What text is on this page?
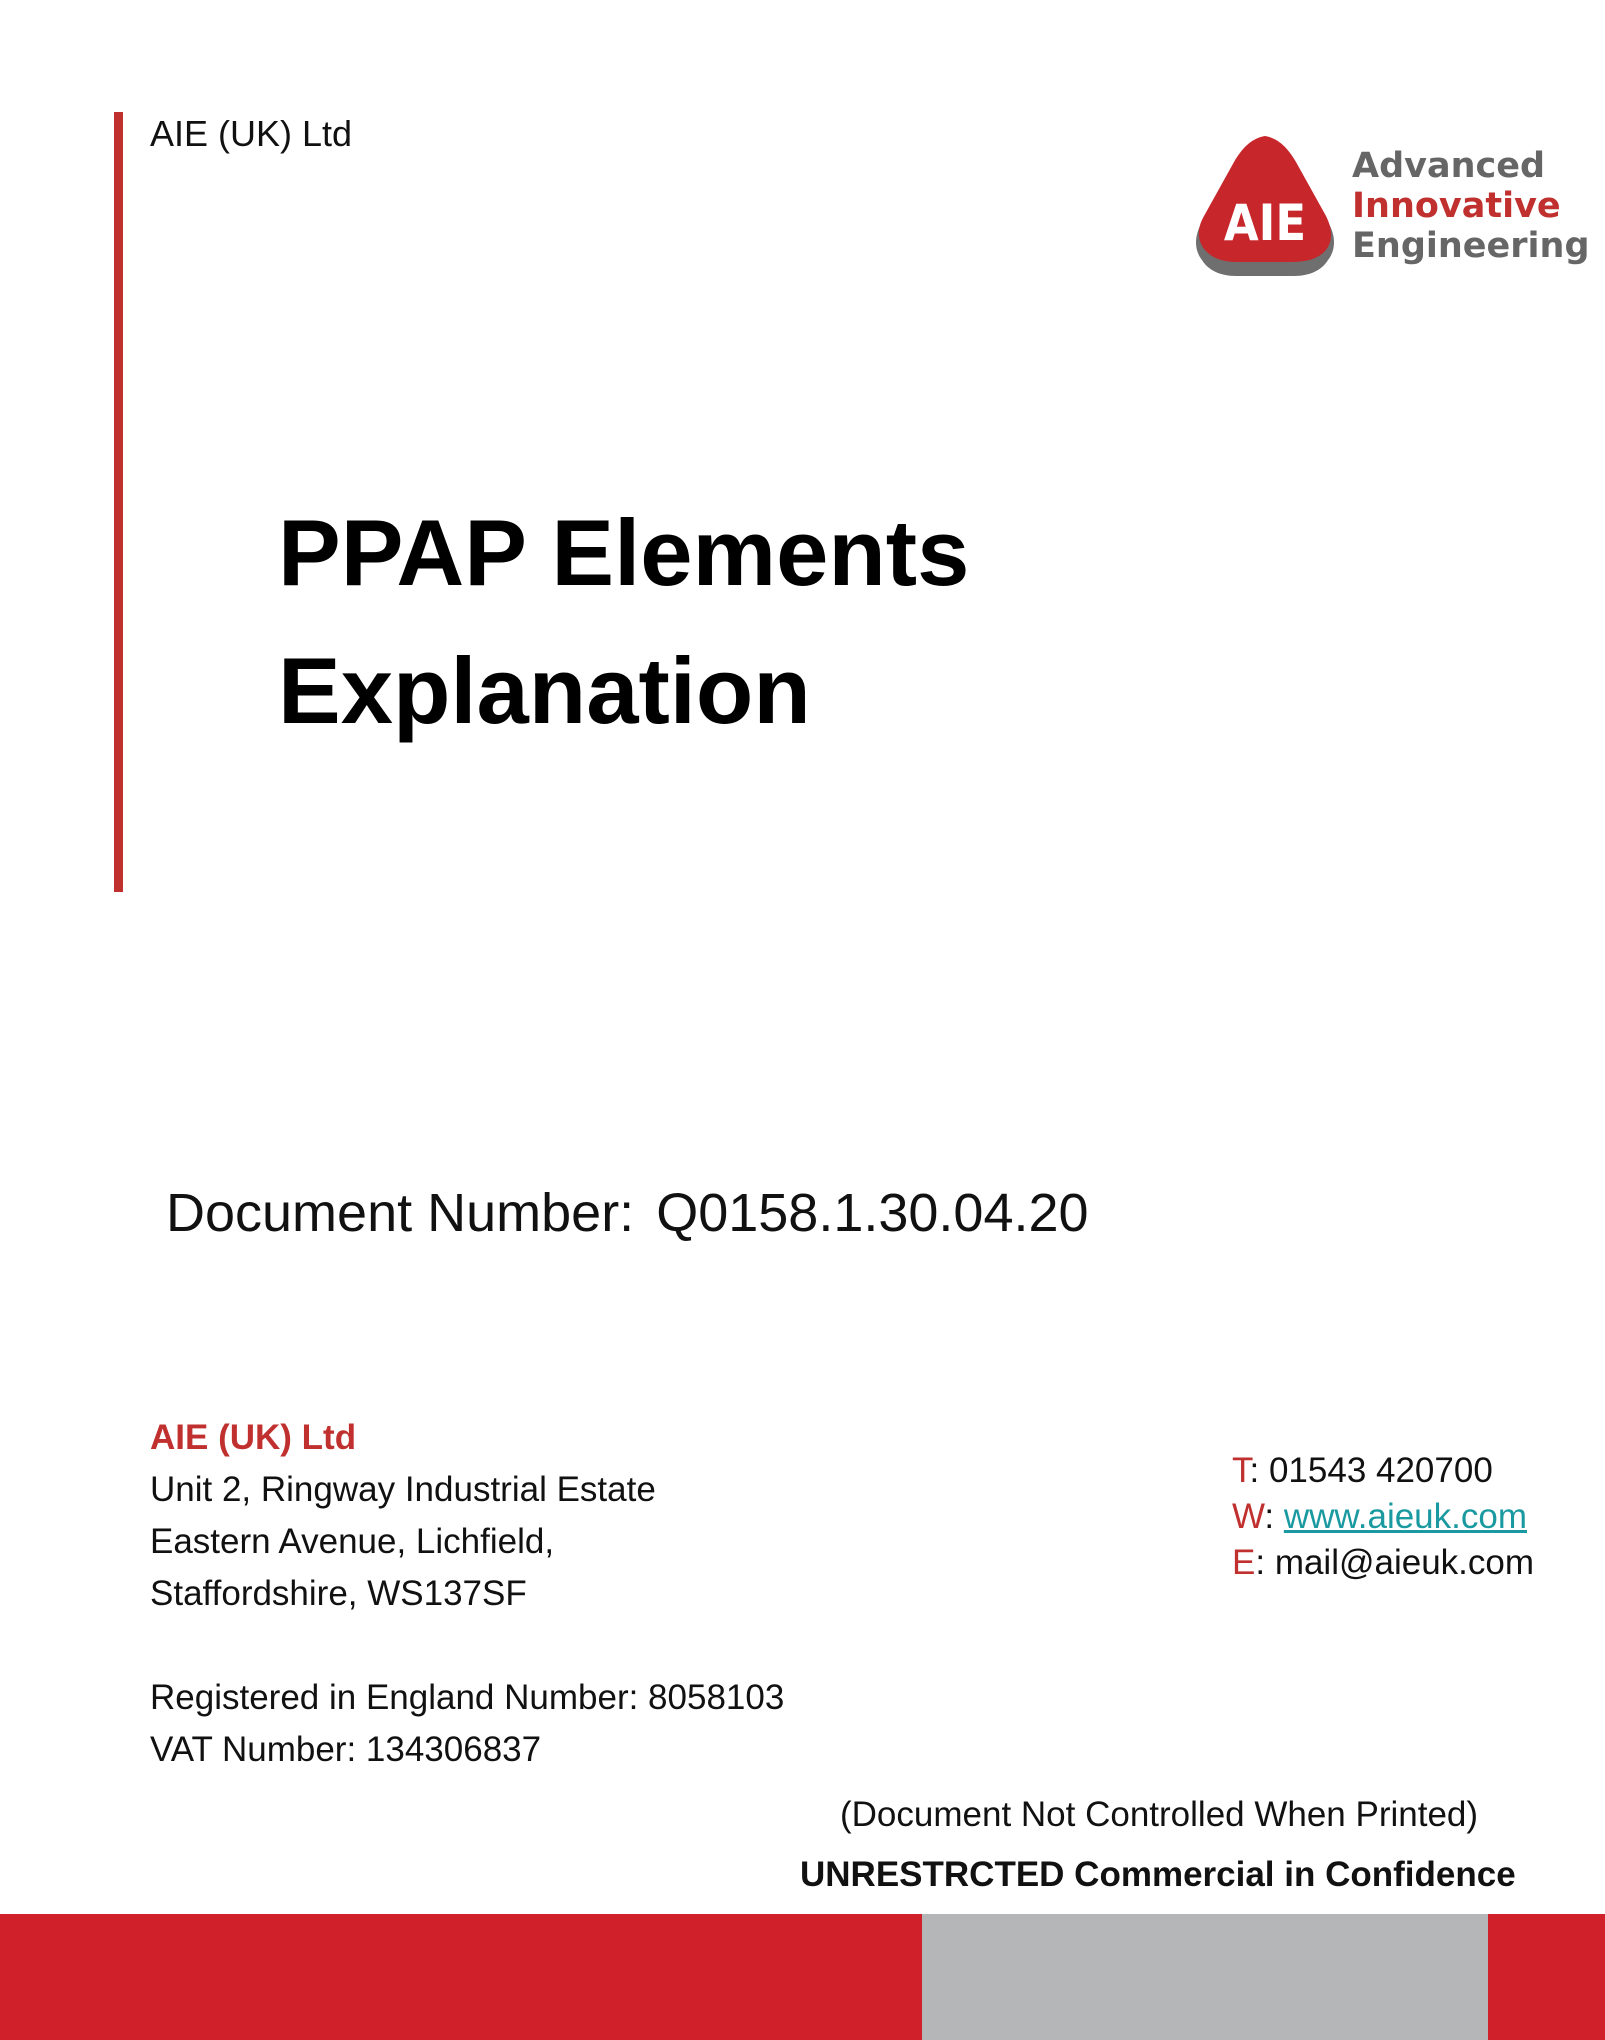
AIE (UK) Ltd
AIE
Advanced
Innovative
Engineering
PPAP Elements
Explanation
Document Number: Q0158.1.30.04.20
AIE (UK) Ltd
Unit 2, Ringway Industrial Estate
Eastern Avenue, Lichfield,
Staffordshire, WS137SF
Registered in England Number: 8058103
VAT Number: 134306837
T: 01543 420700
W: www.aieuk.com
E: mail@aieuk.com
(Document Not Controlled When Printed)
UNRESTRCTED Commercial in Confidence
